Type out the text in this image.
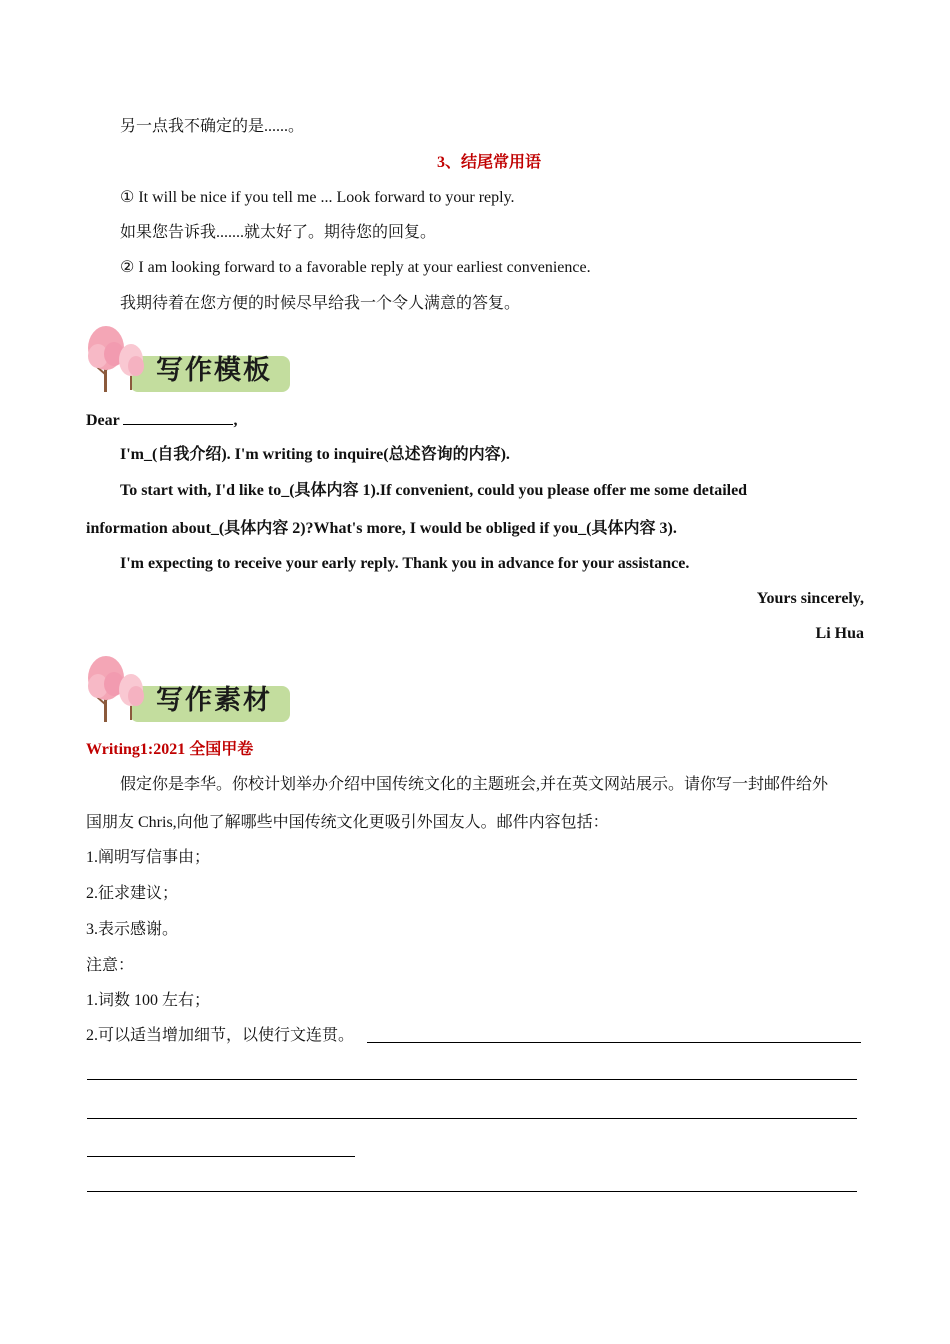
另一点我不确定的是......。
3、结尾常用语
① It will be nice if you tell me ... Look forward to your reply.
如果您告诉我.......就太好了。期待您的回复。
② I am looking forward to a favorable reply at your earliest convenience.
我期待着在您方便的时候尽早给我一个令人满意的答复。
写作模板
Dear	,
I'm_(自我介绍). I'm writing to inquire(总述咨询的内容).
To start with, I'd like to_(具体内容 1).If convenient, could you please offer me some detailed
information about_(具体内容 2)?What's more, I would be obliged if you_(具体内容 3).
I'm expecting to receive your early reply. Thank you in advance for your assistance.
Yours sincerely,
Li Hua
写作素材
Writing1:2021 全国甲卷
假定你是李华。你校计划举办介绍中国传统文化的主题班会,并在英文网站展示。请你写一封邮件给外
国朋友 Chris,向他了解哪些中国传统文化更吸引外国友人。邮件内容包括：
1.阐明写信事由；
2.征求建议；
3.表示感谢。
注意：
1.词数 100 左右；
2.可以适当增加细节，以使行文连贯。
